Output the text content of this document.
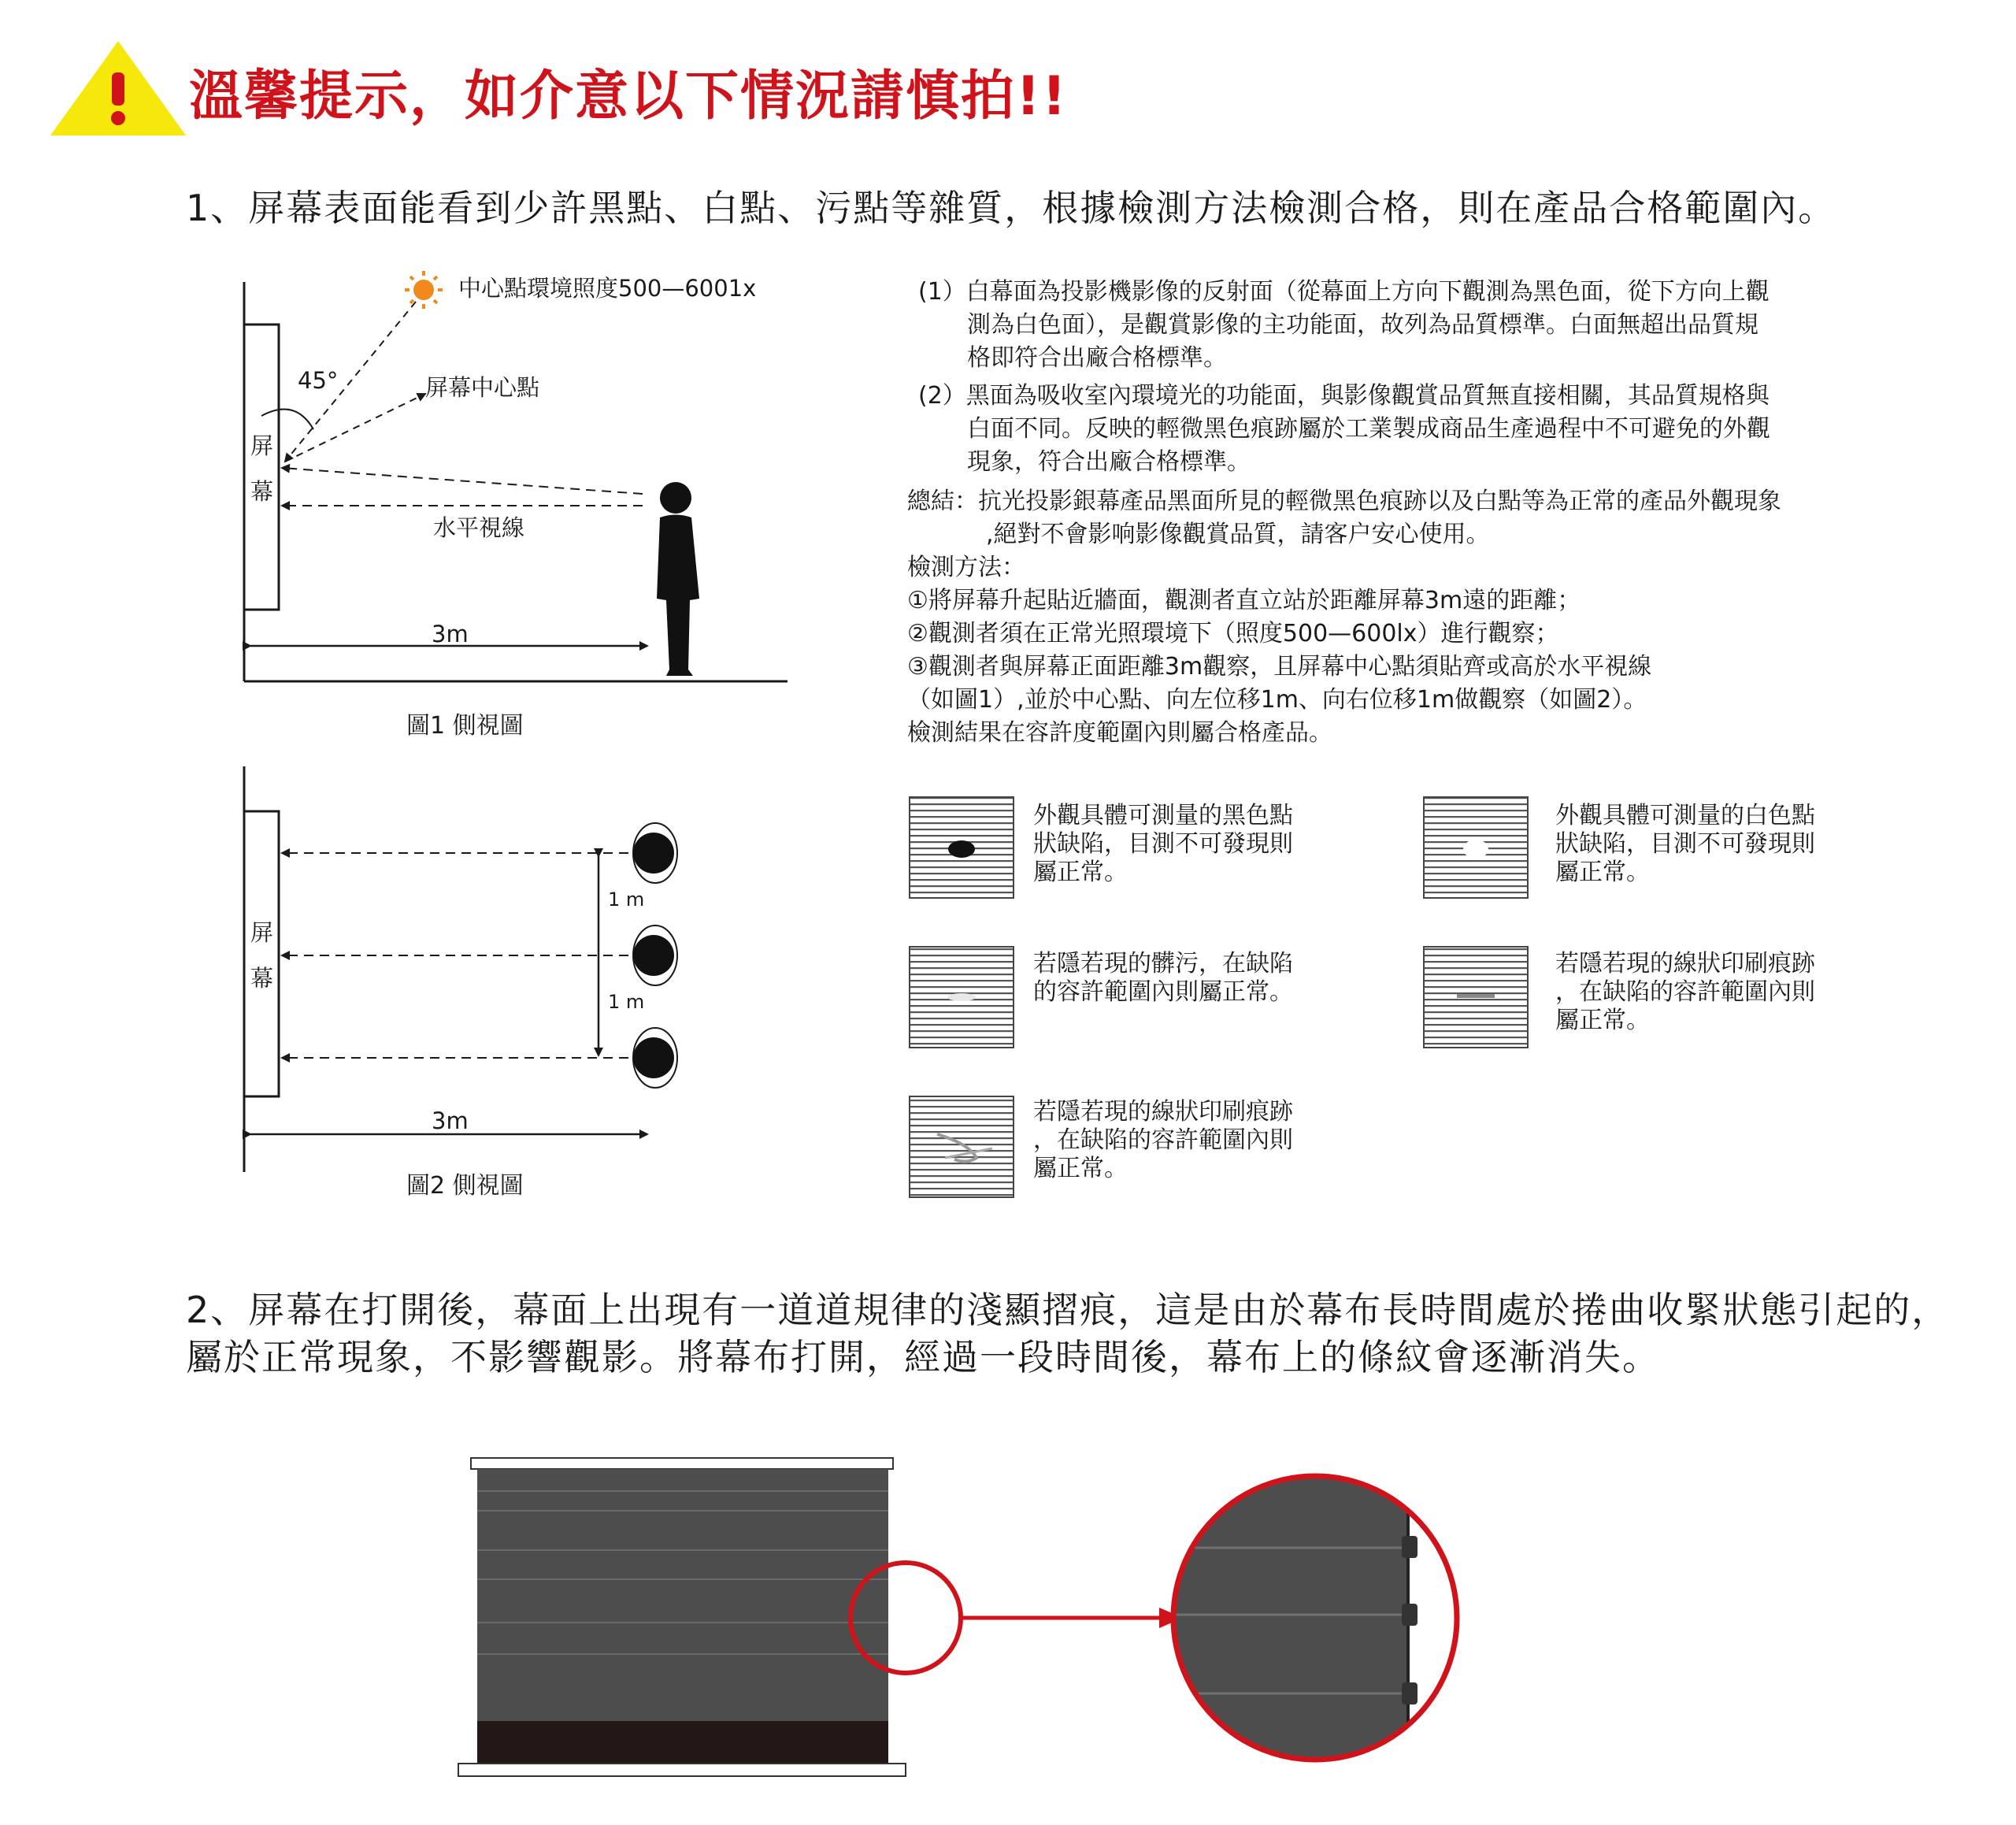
溫馨提示，如介意以下情況請慎拍!!
1、屏幕表面能看到少許黑點、白點、污點等雜質，根據檢測方法檢測合格，則在產品合格範圍內。
中心點環境照度500—6001x
45°	屏幕中心點
屏
幕
水平視線
3m
圖1 側視圖
屏
幕
1 m
1 m
3m
圖2 側視圖
(1）白幕面為投影機影像的反射面（從幕面上方向下觀測為黑色面，從下方向上觀
測為白色面），是觀賞影像的主功能面，故列為品質標準。白面無超出品質規
格即符合出廠合格標準。
(2）黑面為吸收室內環境光的功能面，與影像觀賞品質無直接相關，其品質規格與
白面不同。反映的輕微黑色痕跡屬於工業製成商品生產過程中不可避免的外觀
現象，符合出廠合格標準。
總結：抗光投影銀幕產品黑面所見的輕微黑色痕跡以及白點等為正常的產品外觀現象
,絕對不會影响影像觀賞品質，請客户安心使用。
檢測方法：
①將屏幕升起貼近牆面，觀測者直立站於距離屏幕3m遠的距離；
②觀測者須在正常光照環境下（照度500—600lx）進行觀察；
③觀測者與屏幕正面距離3m觀察，且屏幕中心點須貼齊或高於水平視線
（如圖1）,並於中心點、向左位移1m、向右位移1m做觀察（如圖2）。
檢測結果在容許度範圍內則屬合格產品。
外觀具體可測量的黑色點
狀缺陷，目測不可發現則
屬正常。
外觀具體可測量的白色點
狀缺陷，目測不可發現則
屬正常。
若隱若現的髒污，在缺陷
的容許範圍內則屬正常。
若隱若現的線狀印刷痕跡
，在缺陷的容許範圍內則
屬正常。
若隱若現的線狀印刷痕跡
，在缺陷的容許範圍內則
屬正常。
2、屏幕在打開後，幕面上出現有一道道規律的淺顯摺痕，這是由於幕布長時間處於捲曲收緊狀態引起的，屬於正常現象，不影響觀影。將幕布打開，經過一段時間後，幕布上的條紋會逐漸消失。
